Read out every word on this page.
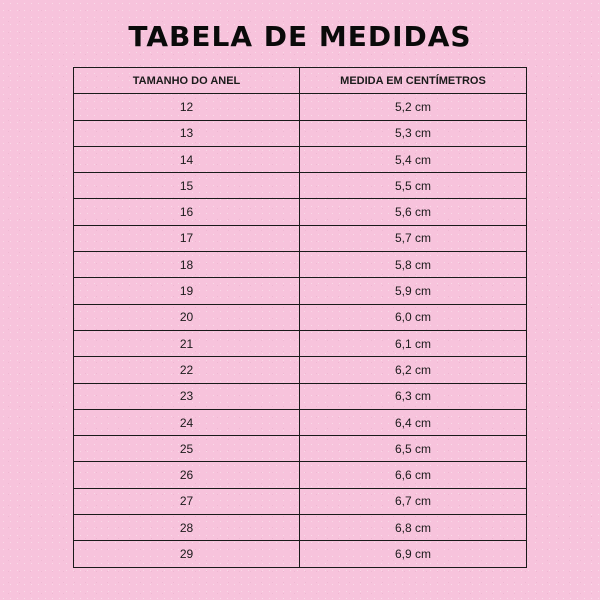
TABELA DE MEDIDAS
TAMANHO DO ANEL	MEDIDA EM CENTÍMETROS
12	5,2 cm
13	5,3 cm
14	5,4 cm
15	5,5 cm
16	5,6 cm
17	5,7 cm
18	5,8 cm
19	5,9 cm
20	6,0 cm
21	6,1 cm
22	6,2 cm
23	6,3 cm
24	6,4 cm
25	6,5 cm
26	6,6 cm
27	6,7 cm
28	6,8 cm
29	6,9 cm
